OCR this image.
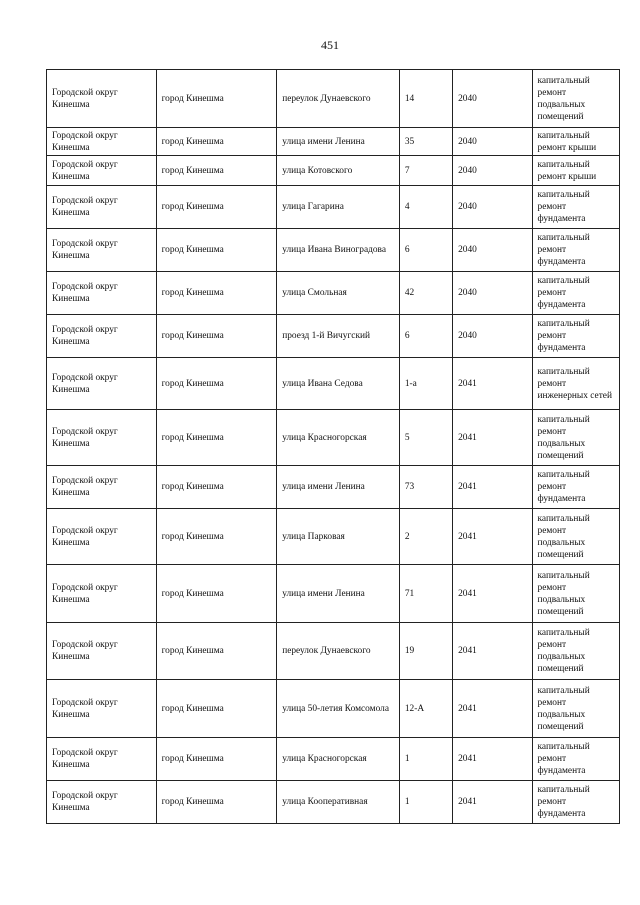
451
Городской округ Кинешма	город Кинешма	переулок Дунаевского	14	2040	капитальный ремонт подвальных помещений
Городской округ Кинешма	город Кинешма	улица имени Ленина	35	2040	капитальный ремонт крыши
Городской округ Кинешма	город Кинешма	улица Котовского	7	2040	капитальный ремонт крыши
Городской округ Кинешма	город Кинешма	улица Гагарина	4	2040	капитальный ремонт фундамента
Городской округ Кинешма	город Кинешма	улица Ивана Виноградова	6	2040	капитальный ремонт фундамента
Городской округ Кинешма	город Кинешма	улица Смольная	42	2040	капитальный ремонт фундамента
Городской округ Кинешма	город Кинешма	проезд 1-й Вичугский	6	2040	капитальный ремонт фундамента
Городской округ Кинешма	город Кинешма	улица Ивана Седова	1-а	2041	капитальный ремонт инженерных сетей
Городской округ Кинешма	город Кинешма	улица Красногорская	5	2041	капитальный ремонт подвальных помещений
Городской округ Кинешма	город Кинешма	улица имени Ленина	73	2041	капитальный ремонт фундамента
Городской округ Кинешма	город Кинешма	улица Парковая	2	2041	капитальный ремонт подвальных помещений
Городской округ Кинешма	город Кинешма	улица имени Ленина	71	2041	капитальный ремонт подвальных помещений
Городской округ Кинешма	город Кинешма	переулок Дунаевского	19	2041	капитальный ремонт подвальных помещений
Городской округ Кинешма	город Кинешма	улица 50-летия Комсомола	12-А	2041	капитальный ремонт подвальных помещений
Городской округ Кинешма	город Кинешма	улица Красногорская	1	2041	капитальный ремонт фундамента
Городской округ Кинешма	город Кинешма	улица Кооперативная	1	2041	капитальный ремонт фундамента
